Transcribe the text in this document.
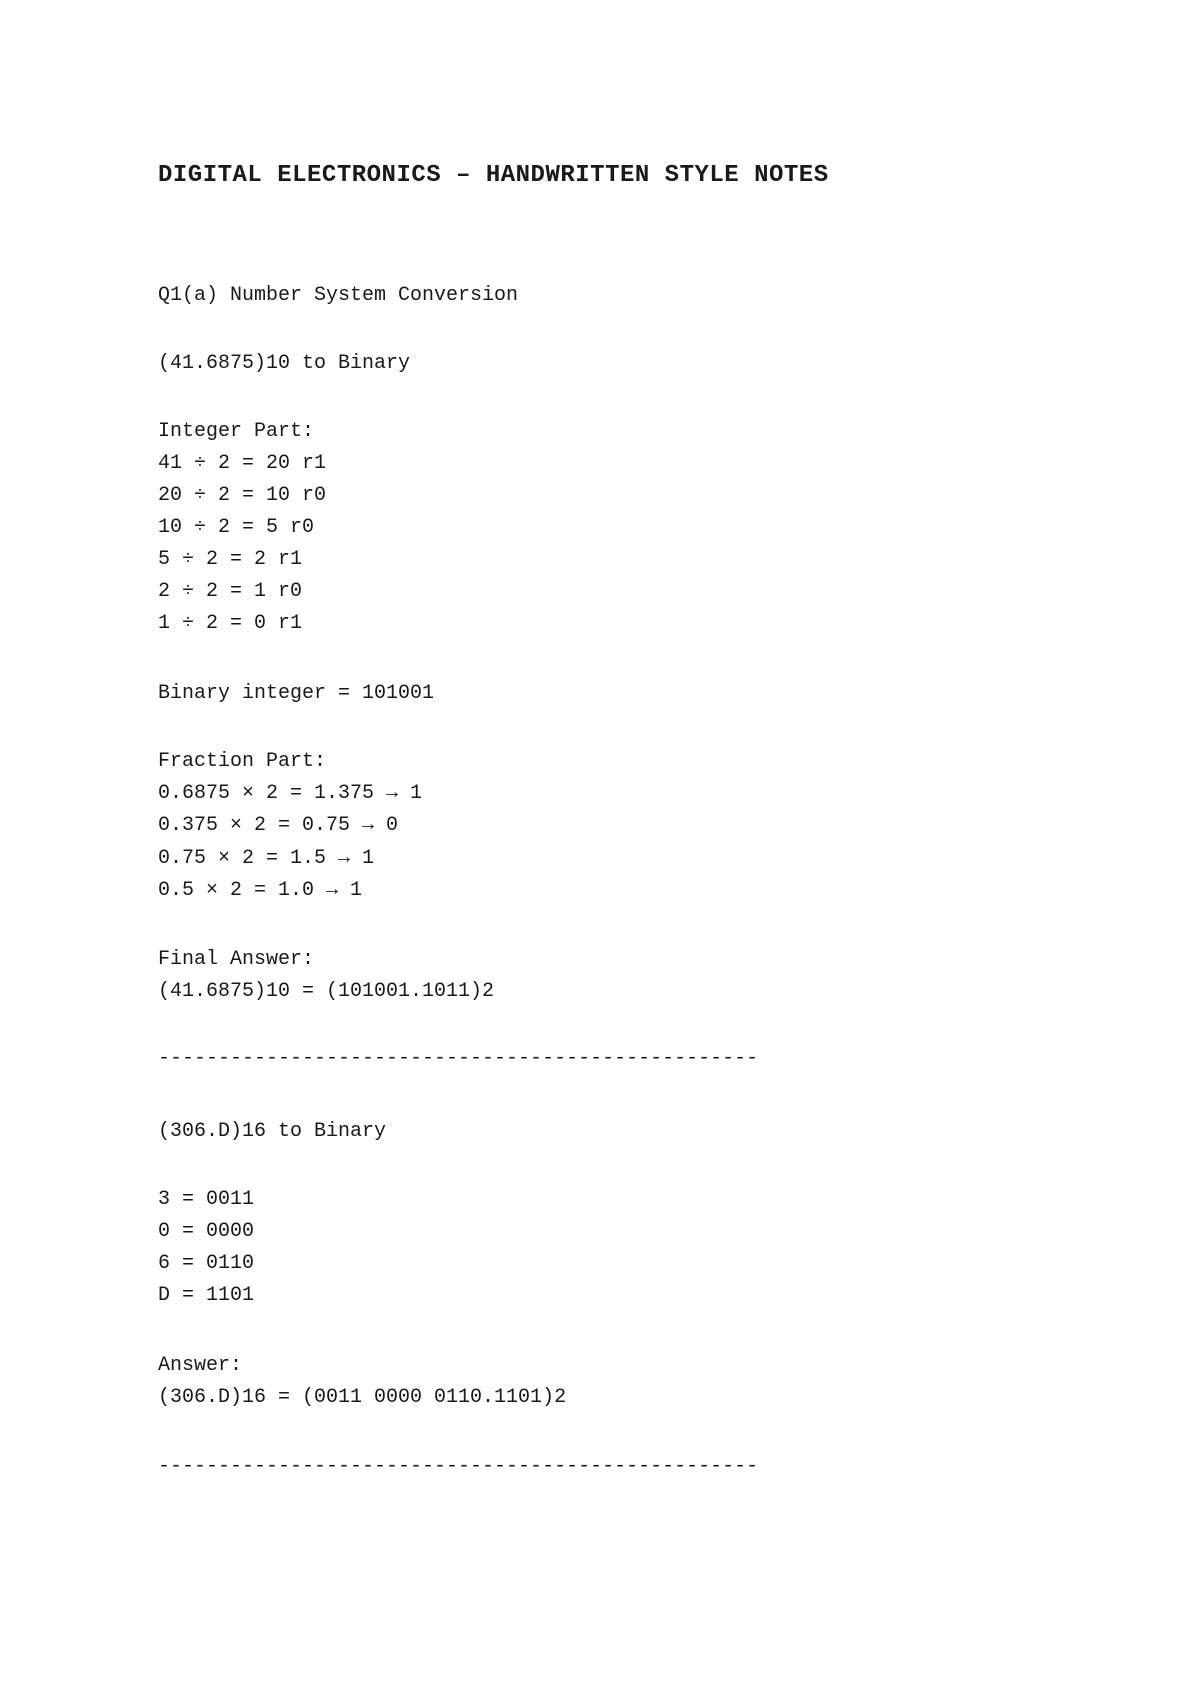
DIGITAL ELECTRONICS – HANDWRITTEN STYLE NOTES
Q1(a) Number System Conversion
(41.6875)10 to Binary
Integer Part:
41 ÷ 2 = 20 r1
20 ÷ 2 = 10 r0
10 ÷ 2 = 5 r0
5 ÷ 2 = 2 r1
2 ÷ 2 = 1 r0
1 ÷ 2 = 0 r1
Binary integer = 101001
Fraction Part:
0.6875 × 2 = 1.375 → 1
0.375 × 2 = 0.75 → 0
0.75 × 2 = 1.5 → 1
0.5 × 2 = 1.0 → 1
Final Answer:
(41.6875)10 = (101001.1011)2
--------------------------------------------------
(306.D)16 to Binary
3 = 0011
0 = 0000
6 = 0110
D = 1101
Answer:
(306.D)16 = (0011 0000 0110.1101)2
--------------------------------------------------
